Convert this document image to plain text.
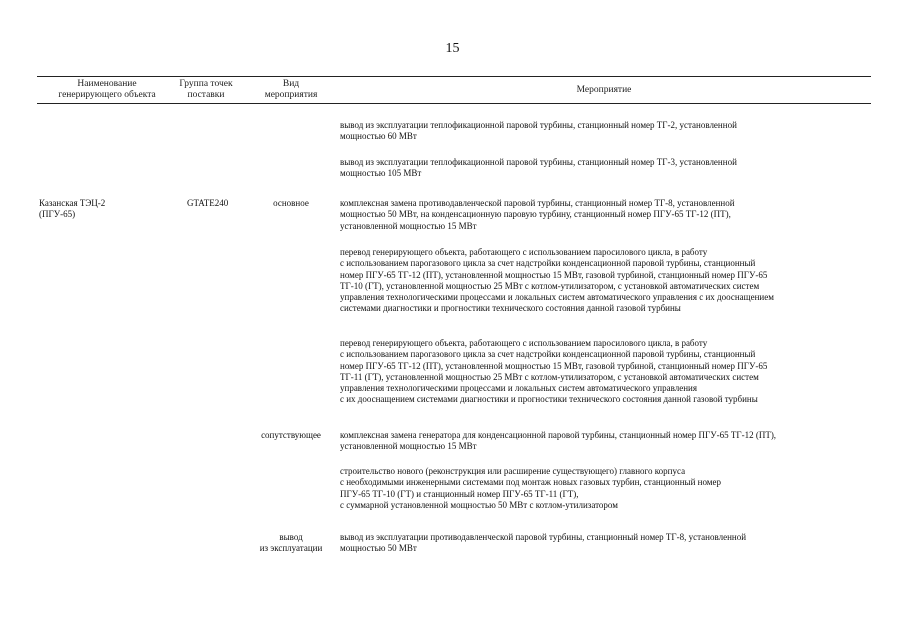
15
Наименование
генерирующего объекта
Группа точек
поставки
Вид
мероприятия	Мероприятие
Казанская ТЭЦ-2
(ПГУ-65)
GTATE240	основное
сопутствующее
вывод
из эксплуатации
вывод из эксплуатации теплофикационной паровой турбины, станционный номер ТГ-2, установленной
мощностью 60 МВт
вывод из эксплуатации теплофикационной паровой турбины, станционный номер ТГ-3, установленной
мощностью 105 МВт
комплексная замена противодавленческой паровой турбины, станционный номер ТГ-8, установленной
мощностью 50 МВт, на конденсационную паровую турбину, станционный номер ПГУ-65 ТГ-12 (ПТ),
установленной мощностью 15 МВт
перевод генерирующего объекта, работающего с использованием паросилового цикла, в работу
с использованием парогазового цикла за счет надстройки конденсационной паровой турбины, станционный
номер ПГУ-65 ТГ-12 (ПТ), установленной мощностью 15 МВт, газовой турбиной, станционный номер ПГУ-65
ТГ-10 (ГТ), установленной мощностью 25 МВт с котлом-утилизатором, с установкой автоматических систем
управления технологическими процессами и локальных систем автоматического управления с их дооснащением
системами диагностики и прогностики технического состояния данной газовой турбины
перевод генерирующего объекта, работающего с использованием паросилового цикла, в работу
с использованием парогазового цикла за счет надстройки конденсационной паровой турбины, станционный
номер ПГУ-65 ТГ-12 (ПТ), установленной мощностью 15 МВт, газовой турбиной, станционный номер ПГУ-65
ТГ-11 (ГТ), установленной мощностью 25 МВт с котлом-утилизатором, с установкой автоматических систем
управления технологическими процессами и локальных систем автоматического управления
с их дооснащением системами диагностики и прогностики технического состояния данной газовой турбины
комплексная замена генератора для конденсационной паровой турбины, станционный номер ПГУ-65 ТГ-12 (ПТ),
установленной мощностью 15 МВт
строительство нового (реконструкция или расширение существующего) главного корпуса
с необходимыми инженерными системами под монтаж новых газовых турбин, станционный номер
ПГУ-65 ТГ-10 (ГТ) и станционный номер ПГУ-65 ТГ-11 (ГТ),
с суммарной установленной мощностью 50 МВт с котлом-утилизатором
вывод из эксплуатации противодавленческой паровой турбины, станционный номер ТГ-8, установленной
мощностью 50 МВт
